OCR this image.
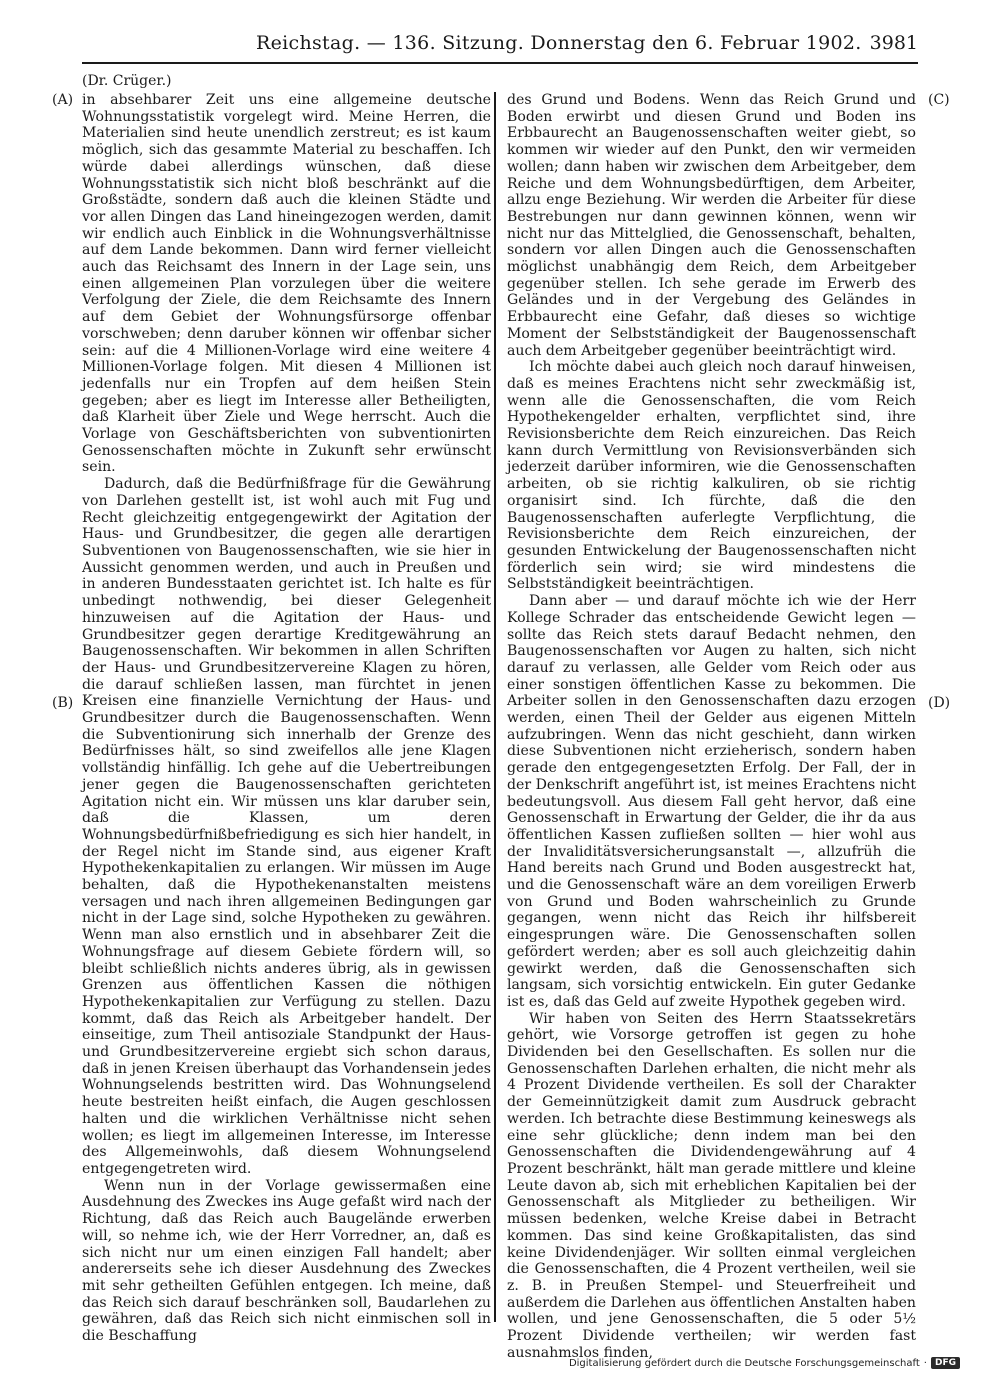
Reichstag. — 136. Sitzung. Donnerstag den 6. Februar 1902. 3981
(Dr. Crüger.)
(A)
(B)
(C)
(D)

in absehbarer Zeit uns eine allgemeine deutsche Wohnungsstatistik vorgelegt wird. Meine Herren, die Materialien sind heute unendlich zerstreut; es ist kaum möglich, sich das gesammte Material zu beschaffen. Ich würde dabei allerdings wünschen, daß diese Wohnungsstatistik sich nicht bloß beschränkt auf die Großstädte, sondern daß auch die kleinen Städte und vor allen Dingen das Land hineingezogen werden, damit wir endlich auch Einblick in die Wohnungsverhältnisse auf dem Lande bekommen. Dann wird ferner vielleicht auch das Reichsamt des Innern in der Lage sein, uns einen allgemeinen Plan vorzulegen über die weitere Verfolgung der Ziele, die dem Reichsamte des Innern auf dem Gebiet der Wohnungsfürsorge offenbar vorschweben; denn daruber können wir offenbar sicher sein: auf die 4 Millionen-Vorlage wird eine weitere 4 Millionen-Vorlage folgen. Mit diesen 4 Millionen ist jedenfalls nur ein Tropfen auf dem heißen Stein gegeben; aber es liegt im Interesse aller Betheiligten, daß Klarheit über Ziele und Wege herrscht. Auch die Vorlage von Geschäftsberichten von subventionirten Genossenschaften möchte in Zukunft sehr erwünscht sein.

Dadurch, daß die Bedürfnißfrage für die Gewährung von Darlehen gestellt ist, ist wohl auch mit Fug und Recht gleichzeitig entgegengewirkt der Agitation der Haus- und Grundbesitzer, die gegen alle derartigen Subventionen von Baugenossenschaften, wie sie hier in Aussicht genommen werden, und auch in Preußen und in anderen Bundesstaaten gerichtet ist. Ich halte es für unbedingt nothwendig, bei dieser Gelegenheit hinzuweisen auf die Agitation der Haus- und Grundbesitzer gegen derartige Kreditgewährung an Baugenossenschaften. Wir bekommen in allen Schriften der Haus- und Grundbesitzervereine Klagen zu hören, die darauf schließen lassen, man fürchtet in jenen Kreisen eine finanzielle Vernichtung der Haus- und Grundbesitzer durch die Baugenossenschaften. Wenn die Subventionirung sich innerhalb der Grenze des Bedürfnisses hält, so sind zweifellos alle jene Klagen vollständig hinfällig. Ich gehe auf die Uebertreibungen jener gegen die Baugenossenschaften gerichteten Agitation nicht ein. Wir müssen uns klar daruber sein, daß die Klassen, um deren Wohnungsbedürfnißbefriedigung es sich hier handelt, in der Regel nicht im Stande sind, aus eigener Kraft Hypothekenkapitalien zu erlangen. Wir müssen im Auge behalten, daß die Hypothekenanstalten meistens versagen und nach ihren allgemeinen Bedingungen gar nicht in der Lage sind, solche Hypotheken zu gewähren. Wenn man also ernstlich und in absehbarer Zeit die Wohnungsfrage auf diesem Gebiete fördern will, so bleibt schließlich nichts anderes übrig, als in gewissen Grenzen aus öffentlichen Kassen die nöthigen Hypothekenkapitalien zur Verfügung zu stellen. Dazu kommt, daß das Reich als Arbeitgeber handelt. Der einseitige, zum Theil antisoziale Standpunkt der Haus- und Grundbesitzervereine ergiebt sich schon daraus, daß in jenen Kreisen überhaupt das Vorhandensein jedes Wohnungselends bestritten wird. Das Wohnungselend heute bestreiten heißt einfach, die Augen geschlossen halten und die wirklichen Verhältnisse nicht sehen wollen; es liegt im allgemeinen Interesse, im Interesse des Allgemeinwohls, daß diesem Wohnungselend entgegengetreten wird.

Wenn nun in der Vorlage gewissermaßen eine Ausdehnung des Zweckes ins Auge gefaßt wird nach der Richtung, daß das Reich auch Baugelände erwerben will, so nehme ich, wie der Herr Vorredner, an, daß es sich nicht nur um einen einzigen Fall handelt; aber andererseits sehe ich dieser Ausdehnung des Zweckes mit sehr getheilten Gefühlen entgegen. Ich meine, daß das Reich sich darauf beschränken soll, Baudarlehen zu gewähren, daß das Reich sich nicht einmischen soll in die Beschaffung

des Grund und Bodens. Wenn das Reich Grund und Boden erwirbt und diesen Grund und Boden ins Erbbaurecht an Baugenossenschaften weiter giebt, so kommen wir wieder auf den Punkt, den wir vermeiden wollen; dann haben wir zwischen dem Arbeitgeber, dem Reiche und dem Wohnungsbedürftigen, dem Arbeiter, allzu enge Beziehung. Wir werden die Arbeiter für diese Bestrebungen nur dann gewinnen können, wenn wir nicht nur das Mittelglied, die Genossenschaft, behalten, sondern vor allen Dingen auch die Genossenschaften möglichst unabhängig dem Reich, dem Arbeitgeber gegenüber stellen. Ich sehe gerade im Erwerb des Geländes und in der Vergebung des Geländes in Erbbaurecht eine Gefahr, daß dieses so wichtige Moment der Selbstständigkeit der Baugenossenschaft auch dem Arbeitgeber gegenüber beeinträchtigt wird.

Ich möchte dabei auch gleich noch darauf hinweisen, daß es meines Erachtens nicht sehr zweckmäßig ist, wenn alle die Genossenschaften, die vom Reich Hypothekengelder erhalten, verpflichtet sind, ihre Revisionsberichte dem Reich einzureichen. Das Reich kann durch Vermittlung von Revisionsverbänden sich jederzeit darüber informiren, wie die Genossenschaften arbeiten, ob sie richtig kalkuliren, ob sie richtig organisirt sind. Ich fürchte, daß die den Baugenossenschaften auferlegte Verpflichtung, die Revisionsberichte dem Reich einzureichen, der gesunden Entwickelung der Baugenossenschaften nicht förderlich sein wird; sie wird mindestens die Selbstständigkeit beeinträchtigen.

Dann aber — und darauf möchte ich wie der Herr Kollege Schrader das entscheidende Gewicht legen — sollte das Reich stets darauf Bedacht nehmen, den Baugenossenschaften vor Augen zu halten, sich nicht darauf zu verlassen, alle Gelder vom Reich oder aus einer sonstigen öffentlichen Kasse zu bekommen. Die Arbeiter sollen in den Genossenschaften dazu erzogen werden, einen Theil der Gelder aus eigenen Mitteln aufzubringen. Wenn das nicht geschieht, dann wirken diese Subventionen nicht erzieherisch, sondern haben gerade den entgegengesetzten Erfolg. Der Fall, der in der Denkschrift angeführt ist, ist meines Erachtens nicht bedeutungsvoll. Aus diesem Fall geht hervor, daß eine Genossenschaft in Erwartung der Gelder, die ihr da aus öffentlichen Kassen zufließen sollten — hier wohl aus der Invaliditätsversicherungsanstalt —, allzufrüh die Hand bereits nach Grund und Boden ausgestreckt hat, und die Genossenschaft wäre an dem voreiligen Erwerb von Grund und Boden wahrscheinlich zu Grunde gegangen, wenn nicht das Reich ihr hilfsbereit eingesprungen wäre. Die Genossenschaften sollen gefördert werden; aber es soll auch gleichzeitig dahin gewirkt werden, daß die Genossenschaften sich langsam, sich vorsichtig entwickeln. Ein guter Gedanke ist es, daß das Geld auf zweite Hypothek gegeben wird.

Wir haben von Seiten des Herrn Staatssekretärs gehört, wie Vorsorge getroffen ist gegen zu hohe Dividenden bei den Gesellschaften. Es sollen nur die Genossenschaften Darlehen erhalten, die nicht mehr als 4 Prozent Dividende vertheilen. Es soll der Charakter der Gemeinnützigkeit damit zum Ausdruck gebracht werden. Ich betrachte diese Bestimmung keineswegs als eine sehr glückliche; denn indem man bei den Genossenschaften die Dividendengewährung auf 4 Prozent beschränkt, hält man gerade mittlere und kleine Leute davon ab, sich mit erheblichen Kapitalien bei der Genossenschaft als Mitglieder zu betheiligen. Wir müssen bedenken, welche Kreise dabei in Betracht kommen. Das sind keine Großkapitalisten, das sind keine Dividendenjäger. Wir sollten einmal vergleichen die Genossenschaften, die 4 Prozent vertheilen, weil sie z. B. in Preußen Stempel- und Steuerfreiheit und außerdem die Darlehen aus öffentlichen Anstalten haben wollen, und jene Genossenschaften, die 5 oder 5½ Prozent Dividende vertheilen; wir werden fast ausnahmslos finden,

Digitalisierung gefördert durch die Deutsche Forschungsgemeinschaft · DFG
